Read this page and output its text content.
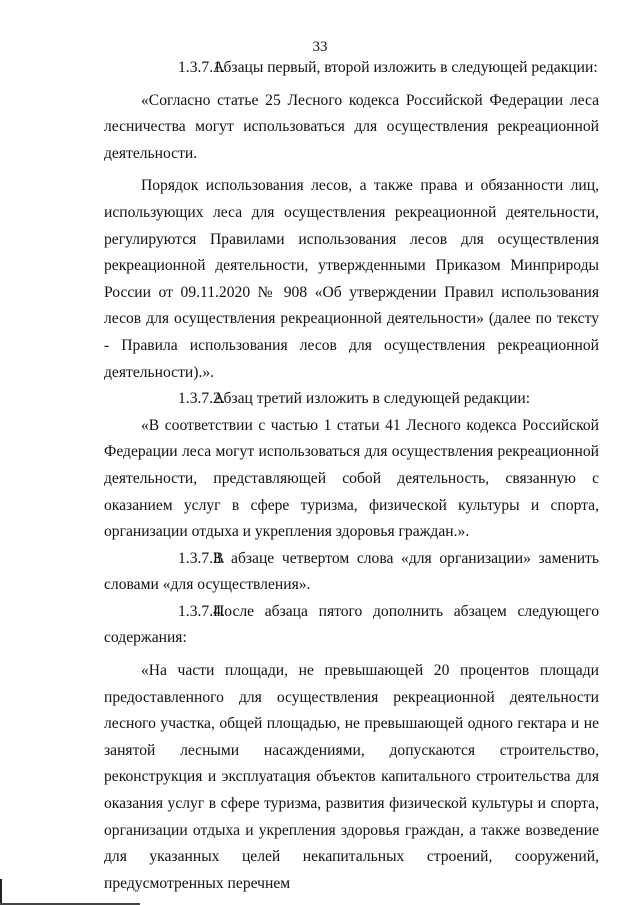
33

1.3.7.1.Абзацы первый, второй изложить в следующей редакции:

«Согласно статье 25 Лесного кодекса Российской Федерации леса лесничества могут использоваться для осуществления рекреационной деятельности.

Порядок использования лесов, а также права и обязанности лиц, использующих леса для осуществления рекреационной деятельности, регулируются Правилами использования лесов для осуществления рекреационной деятельности, утвержденными Приказом Минприроды России от 09.11.2020 № 908 «Об утверждении Правил использования лесов для осуществления рекреационной деятельности» (далее по тексту - Правила использования лесов для осуществления рекреационной деятельности).».

1.3.7.2.Абзац третий изложить в следующей редакции:

«В соответствии с частью 1 статьи 41 Лесного кодекса Российской Федерации леса могут использоваться для осуществления рекреационной деятельности, представляющей собой деятельность, связанную с оказанием услуг в сфере туризма, физической культуры и спорта, организации отдыха и укрепления здоровья граждан.».

1.3.7.3.В абзаце четвертом слова «для организации» заменить словами «для осуществления».

1.3.7.4.После абзаца пятого дополнить абзацем следующего содержания:

«На части площади, не превышающей 20 процентов площади предоставленного для осуществления рекреационной деятельности лесного участка, общей площадью, не превышающей одного гектара и не занятой лесными насаждениями, допускаются строительство, реконструкция и эксплуатация объектов капитального строительства для оказания услуг в сфере туризма, развития физической культуры и спорта, организации отдыха и укрепления здоровья граждан, а также возведение для указанных целей некапитальных строений, сооружений, предусмотренных перечнем
